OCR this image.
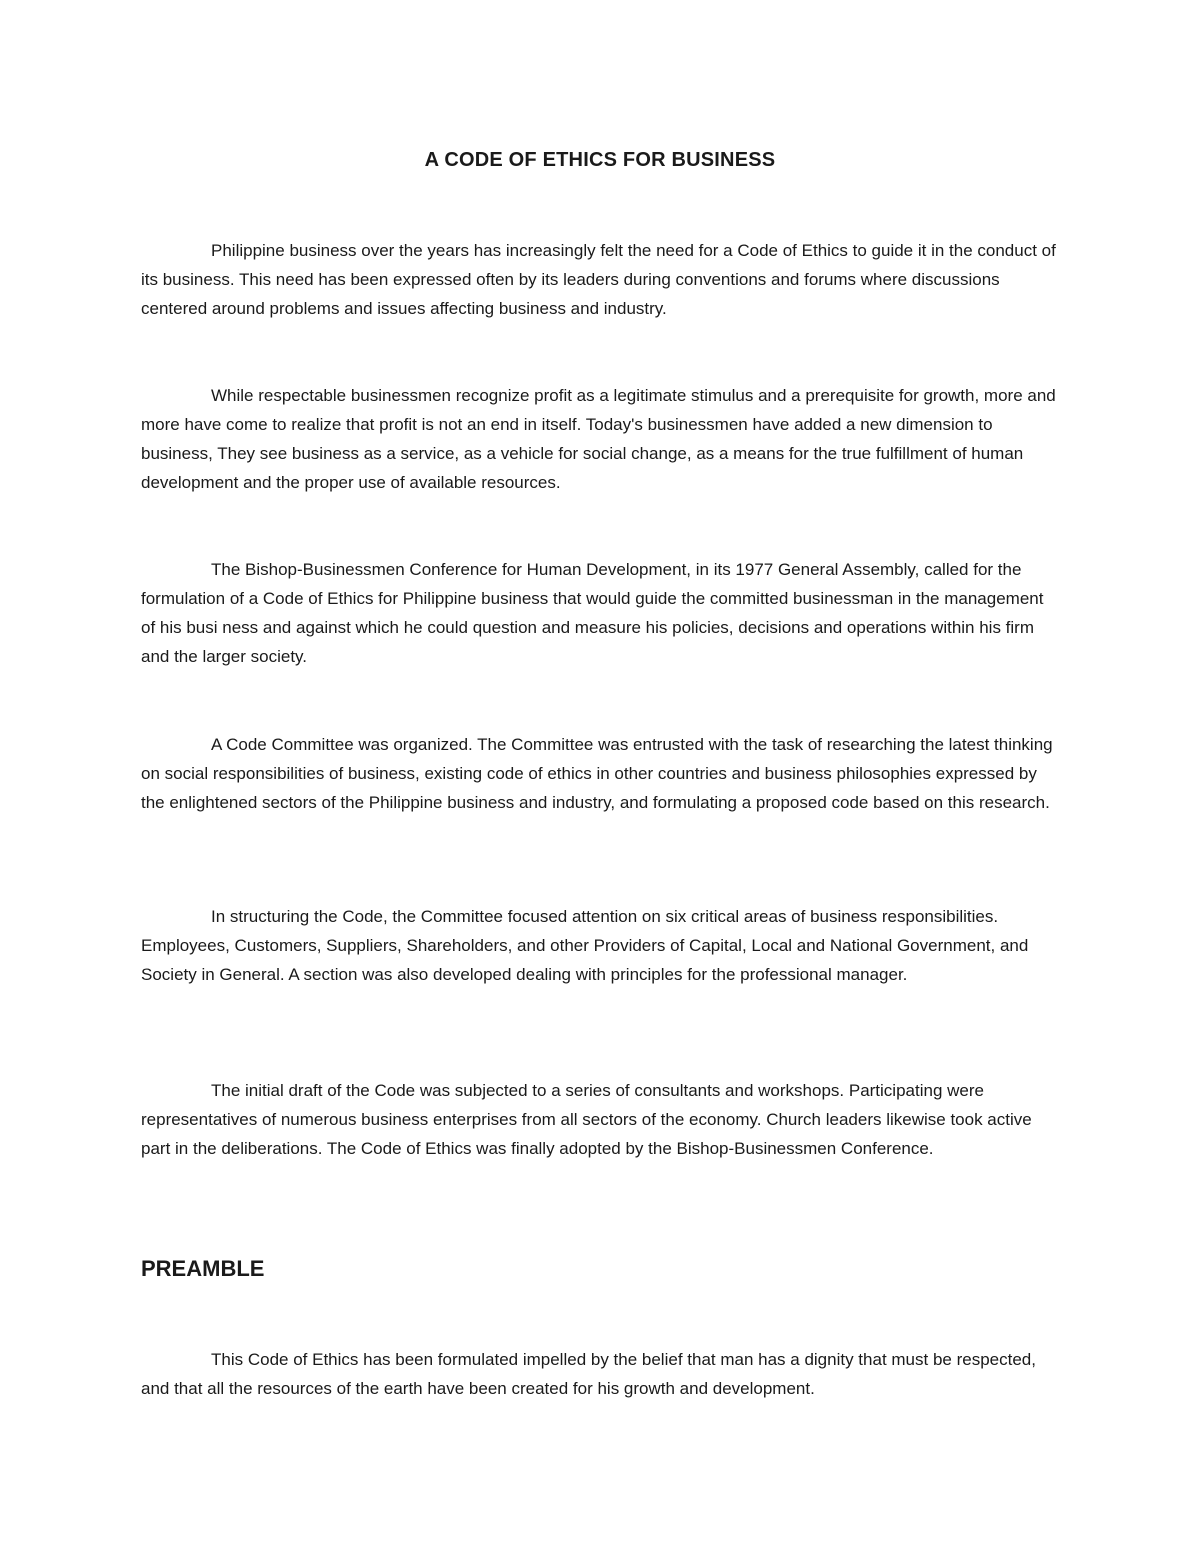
A CODE OF ETHICS FOR BUSINESS

Philippine business over the years has increasingly felt the need for a Code of Ethics to guide it in the conduct of its business. This need has been expressed often by its leaders during conventions and forums where discussions centered around problems and issues affecting business and industry.

While respectable businessmen recognize profit as a legitimate stimulus and a prerequisite for growth, more and more have come to realize that profit is not an end in itself. Today's businessmen have added a new dimension to business, They see business as a service, as a vehicle for social change, as a means for the true fulfillment of human development and the proper use of available resources.

The Bishop-Businessmen Conference for Human Development, in its 1977 General Assembly, called for the formulation of a Code of Ethics for Philippine business that would guide the committed businessman in the management of his busi ness and against which he could question and measure his policies, decisions and operations within his firm and the larger society.

A Code Committee was organized. The Committee was entrusted with the task of researching the latest thinking on social responsibilities of business, existing code of ethics in other countries and business philosophies expressed by the enlightened sectors of the Philippine business and industry, and formulating a proposed code based on this research.

In structuring the Code, the Committee focused attention on six critical areas of business responsibilities. Employees, Customers, Suppliers, Shareholders, and other Providers of Capital, Local and National Government, and Society in General. A section was also developed dealing with principles for the professional manager.

The initial draft of the Code was subjected to a series of consultants and workshops. Participating were representatives of numerous business enterprises from all sectors of the economy. Church leaders likewise took active part in the deliberations. The Code of Ethics was finally adopted by the Bishop-Businessmen Conference.

PREAMBLE

This Code of Ethics has been formulated impelled by the belief that man has a dignity that must be respected, and that all the resources of the earth have been created for his growth and development.
